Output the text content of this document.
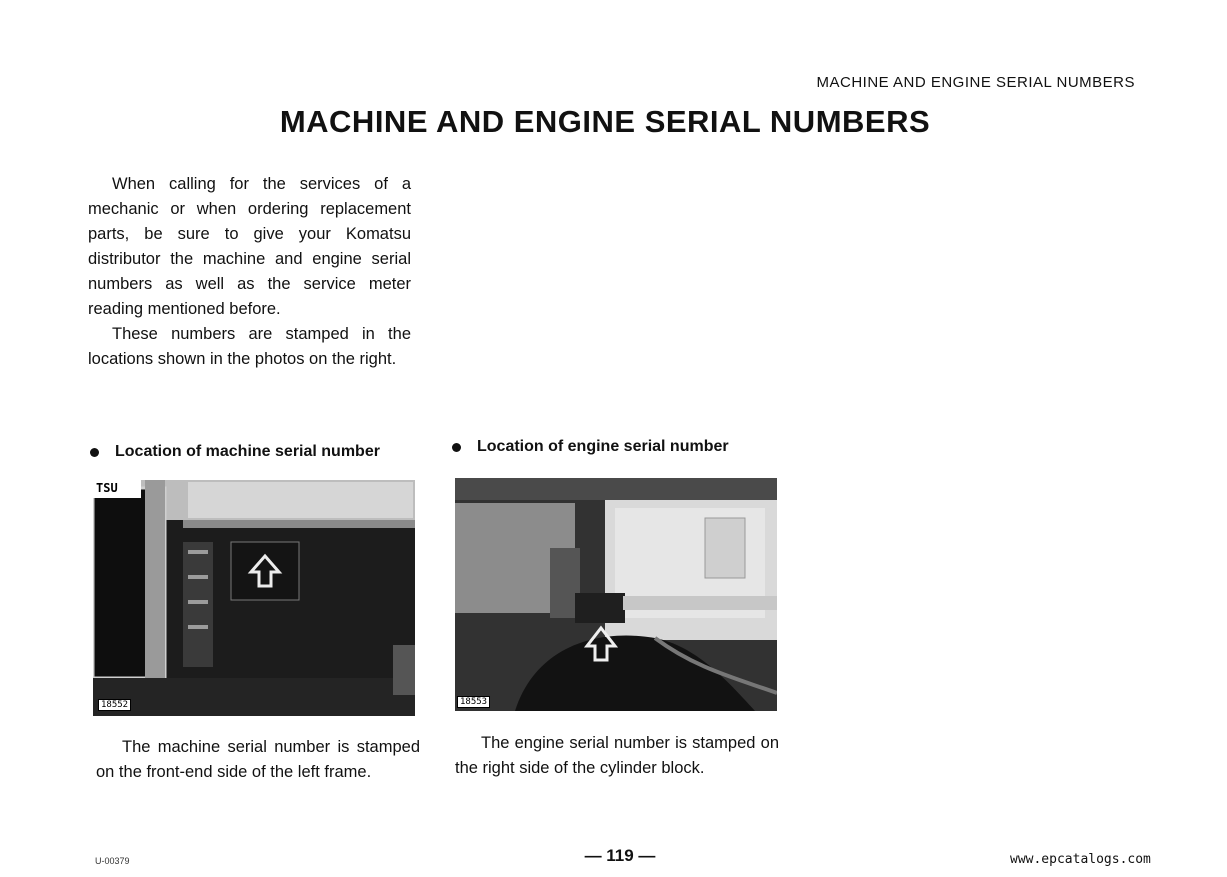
MACHINE AND ENGINE SERIAL NUMBERS
MACHINE AND ENGINE SERIAL NUMBERS

When calling for the services of a mechanic or when ordering replacement parts, be sure to give your Komatsu distributor the machine and engine serial numbers as well as the service meter reading mentioned before.

These numbers are stamped in the locations shown in the photos on the right.

Location of machine serial number	Location of engine serial number
TSU
18552	18553

The machine serial number is stamped on the front-end side of the left frame.

The engine serial number is stamped on the right side of the cylinder block.

U-00379	— 119 —	www.epcatalogs.com
